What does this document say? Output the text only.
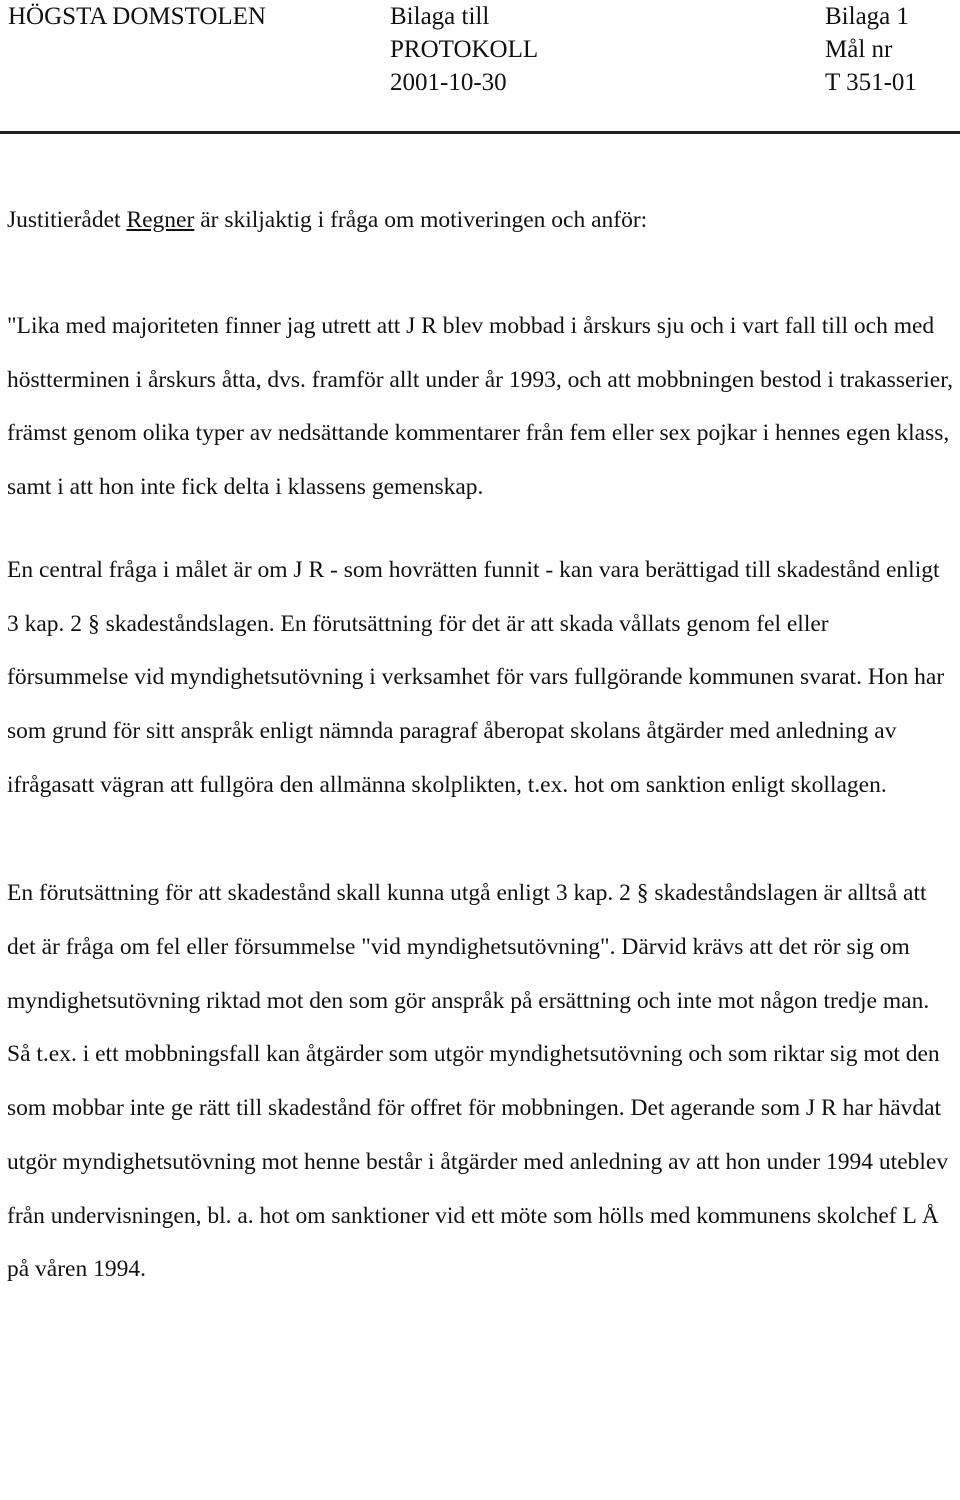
HÖGSTA DOMSTOLEN	Bilaga till
PROTOKOLL
2001-10-30
Bilaga 1
Mål nr
T 351-01

Justitierådet Regner är skiljaktig i fråga om motiveringen och anför:

"Lika med majoriteten finner jag utrett att J R blev mobbad i årskurs sju och i vart fall till och med höstterminen i årskurs åtta, dvs. framför allt under år 1993, och att mobbningen bestod i trakasserier, främst genom olika typer av nedsättande kommentarer från fem eller sex pojkar i hennes egen klass, samt i att hon inte fick delta i klassens gemenskap.

En central fråga i målet är om J R - som hovrätten funnit - kan vara berättigad till skadestånd enligt 3 kap. 2 § skadeståndslagen. En förutsättning för det är att skada vållats genom fel eller försummelse vid myndighetsutövning i verksamhet för vars fullgörande kommunen svarat. Hon har som grund för sitt anspråk enligt nämnda paragraf åberopat skolans åtgärder med anledning av ifrågasatt vägran att fullgöra den allmänna skolplikten, t.ex. hot om sanktion enligt skollagen.

En förutsättning för att skadestånd skall kunna utgå enligt 3 kap. 2 § skadeståndslagen är alltså att det är fråga om fel eller försummelse "vid myndighetsutövning". Därvid krävs att det rör sig om myndighetsutövning riktad mot den som gör anspråk på ersättning och inte mot någon tredje man. Så t.ex. i ett mobbningsfall kan åtgärder som utgör myndighetsutövning och som riktar sig mot den som mobbar inte ge rätt till skadestånd för offret för mobbningen. Det agerande som J R har hävdat utgör myndighetsutövning mot henne består i åtgärder med anledning av att hon under 1994 uteblev från undervisningen, bl. a. hot om sanktioner vid ett möte som hölls med kommunens skolchef L Å på våren 1994.
